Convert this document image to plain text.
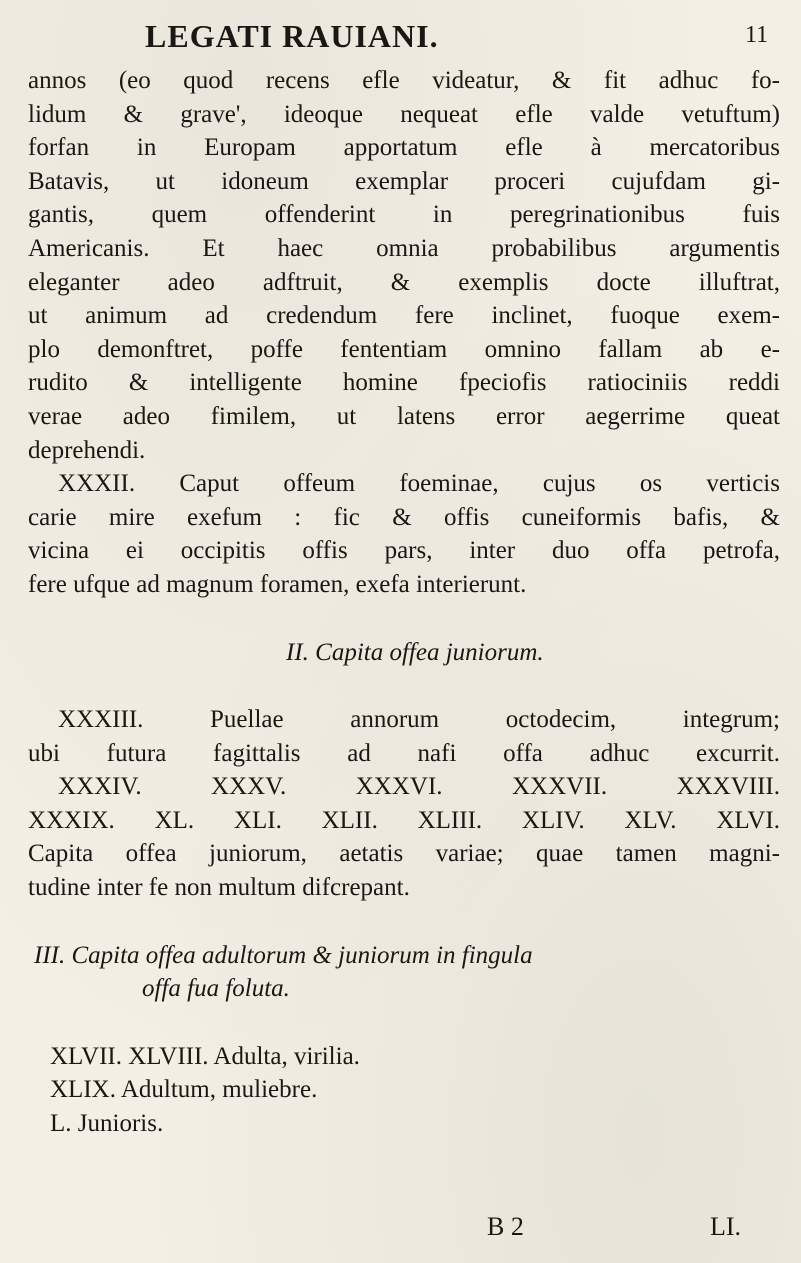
LEGATI RAUIANI.	11
annos (eo quod recens efle videatur, & fit adhuc fo-
lidum & grave', ideoque nequeat efle valde vetuftum)
forfan in Europam apportatum efle à mercatoribus
Batavis, ut idoneum exemplar proceri cujufdam gi-
gantis, quem offenderint in peregrinationibus fuis
Americanis. Et haec omnia probabilibus argumentis
eleganter adeo adftruit, & exemplis docte illuftrat,
ut animum ad credendum fere inclinet, fuoque exem-
plo demonftret, poffe fententiam omnino fallam ab e-
rudito & intelligente homine fpeciofis ratiociniis reddi
verae adeo fimilem, ut latens error aegerrime queat
deprehendi.
XXXII. Caput offeum foeminae, cujus os verticis
carie mire exefum : fic & offis cuneiformis bafis, &
vicina ei occipitis offis pars, inter duo offa petrofa,
fere ufque ad magnum foramen, exefa interierunt.
II. Capita offea juniorum.
XXXIII. Puellae annorum octodecim, integrum;
ubi futura fagittalis ad nafi offa adhuc excurrit.
XXXIV. XXXV. XXXVI. XXXVII. XXXVIII.
XXXIX. XL. XLI. XLII. XLIII. XLIV. XLV. XLVI.
Capita offea juniorum, aetatis variae; quae tamen magni-
tudine inter fe non multum difcrepant.
III. Capita offea adultorum & juniorum in fingula
offa fua foluta.
XLVII. XLVIII. Adulta, virilia.
XLIX. Adultum, muliebre.
L. Junioris.
B 2	LI.
